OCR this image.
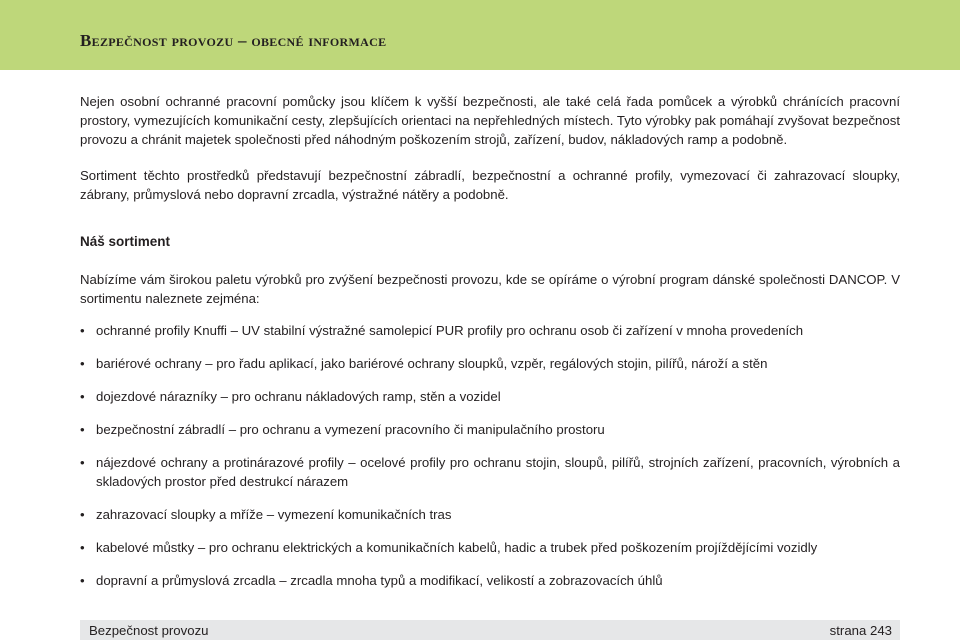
Bezpečnost provozu – obecné informace

Nejen osobní ochranné pracovní pomůcky jsou klíčem k vyšší bezpečnosti, ale také celá řada pomůcek a výrobků chránících pracovní prostory, vymezujících komunikační cesty, zlepšujících orientaci na nepřehledných místech. Tyto výrobky pak pomáhají zvyšovat bezpečnost provozu a chránit majetek společnosti před náhodným poškozením strojů, zařízení, budov, nákladových ramp a podobně.

Sortiment těchto prostředků představují bezpečnostní zábradlí, bezpečnostní a ochranné profily, vymezovací či zahrazovací sloupky, zábrany, průmyslová nebo dopravní zrcadla, výstražné nátěry a podobně.

Náš sortiment

Nabízíme vám širokou paletu výrobků pro zvýšení bezpečnosti provozu, kde se opíráme o výrobní program dánské společnosti DANCOP. V sortimentu naleznete zejména:

• ochranné profily Knuffi – UV stabilní výstražné samolepicí PUR profily pro ochranu osob či zařízení v mnoha provedeních
• bariérové ochrany – pro řadu aplikací, jako bariérové ochrany sloupků, vzpěr, regálových stojin, pilířů, nároží a stěn
• dojezdové nárazníky – pro ochranu nákladových ramp, stěn a vozidel
• bezpečnostní zábradlí – pro ochranu a vymezení pracovního či manipulačního prostoru
• nájezdové ochrany a protinárazové profily – ocelové profily pro ochranu stojin, sloupů, pilířů, strojních zařízení, pracovních, výrobních a skladových prostor před destrukcí nárazem
• zahrazovací sloupky a mříže – vymezení komunikačních tras
• kabelové můstky – pro ochranu elektrických a komunikačních kabelů, hadic a trubek před poškozením projíždějícími vozidly
• dopravní a průmyslová zrcadla – zrcadla mnoha typů a modifikací, velikostí a zobrazovacích úhlů
Bezpečnost provozu	strana 243
